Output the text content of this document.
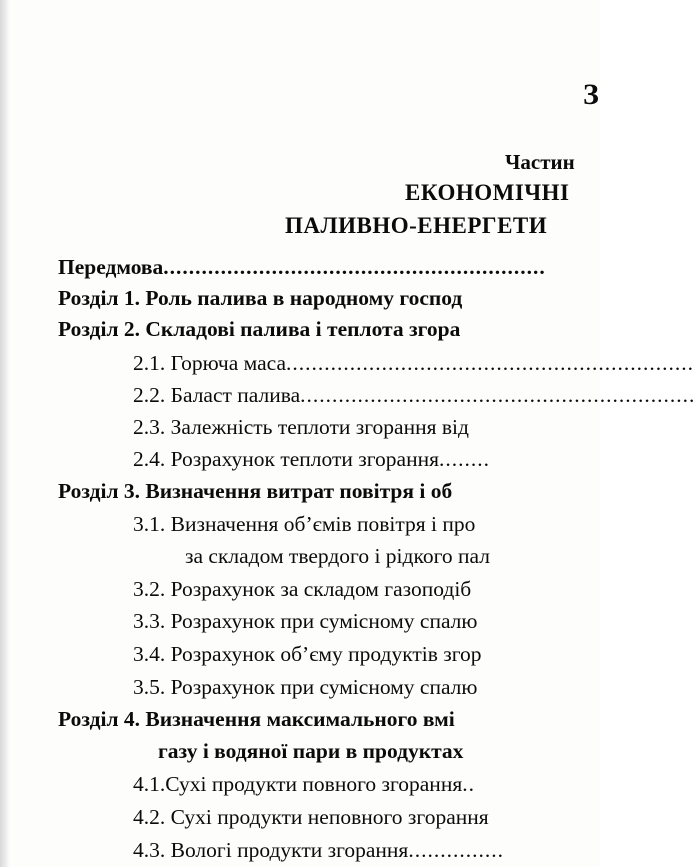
З
Частин
ЕКОНОМІЧНІ
ПАЛИВНО-ЕНЕРГЕТИ
Передмова............................................................
Розділ 1. Роль палива в народному господ
Розділ 2. Складові палива і теплота згора
2.1. Горюча маса................................................................
2.2. Баласт палива..............................................................
2.3. Залежність теплоти згорання від
2.4. Розрахунок теплоти згорання........
Розділ 3. Визначення витрат повітря і об
3.1. Визначення об’ємів повітря і про
за складом твердого і рідкого пал
3.2. Розрахунок за складом газоподіб
3.3. Розрахунок при сумісному спалю
3.4. Розрахунок об’єму продуктів згор
3.5. Розрахунок при сумісному спалю
Розділ 4. Визначення максимального вмі
газу і водяної пари в продуктах
4.1.Сухі продукти повного згорання..
4.2. Сухі продукти неповного згорання
4.3. Вологі продукти згорання...............
